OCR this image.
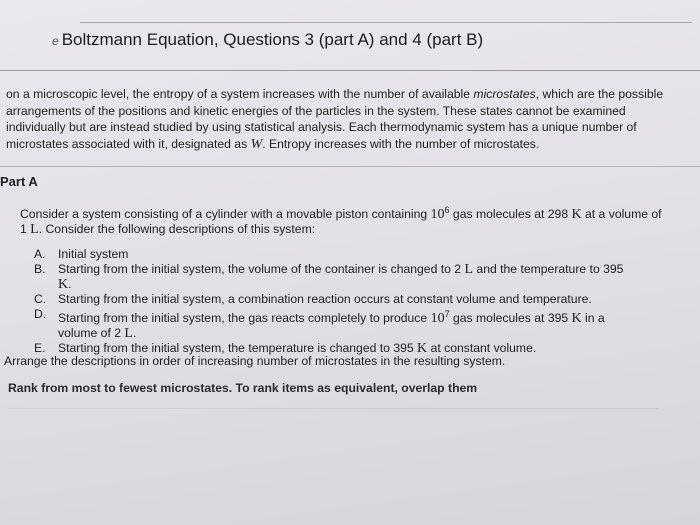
e Boltzmann Equation, Questions 3 (part A) and 4 (part B)
on a microscopic level, the entropy of a system increases with the number of available microstates, which are the possible
arrangements of the positions and kinetic energies of the particles in the system. These states cannot be examined
individually but are instead studied by using statistical analysis. Each thermodynamic system has a unique number of
microstates associated with it, designated as W. Entropy increases with the number of microstates.
Part A
Consider a system consisting of a cylinder with a movable piston containing $10^6$ gas molecules at 298 K at a volume of
1 L. Consider the following descriptions of this system:
A.	Initial system
B.	Starting from the initial system, the volume of the container is changed to 2 L and the temperature to 395
K.
C. Starting from the initial system, a combination reaction occurs at constant volume and temperature.
D. Starting from the initial system, the gas reacts completely to produce $10^7$ gas molecules at 395 K in a
volume of 2 L.
E.	Starting from the initial system, the temperature is changed to 395 K at constant volume.
Arrange the descriptions in order of increasing number of microstates in the resulting system.
Rank from most to fewest microstates. To rank items as equivalent, overlap them
